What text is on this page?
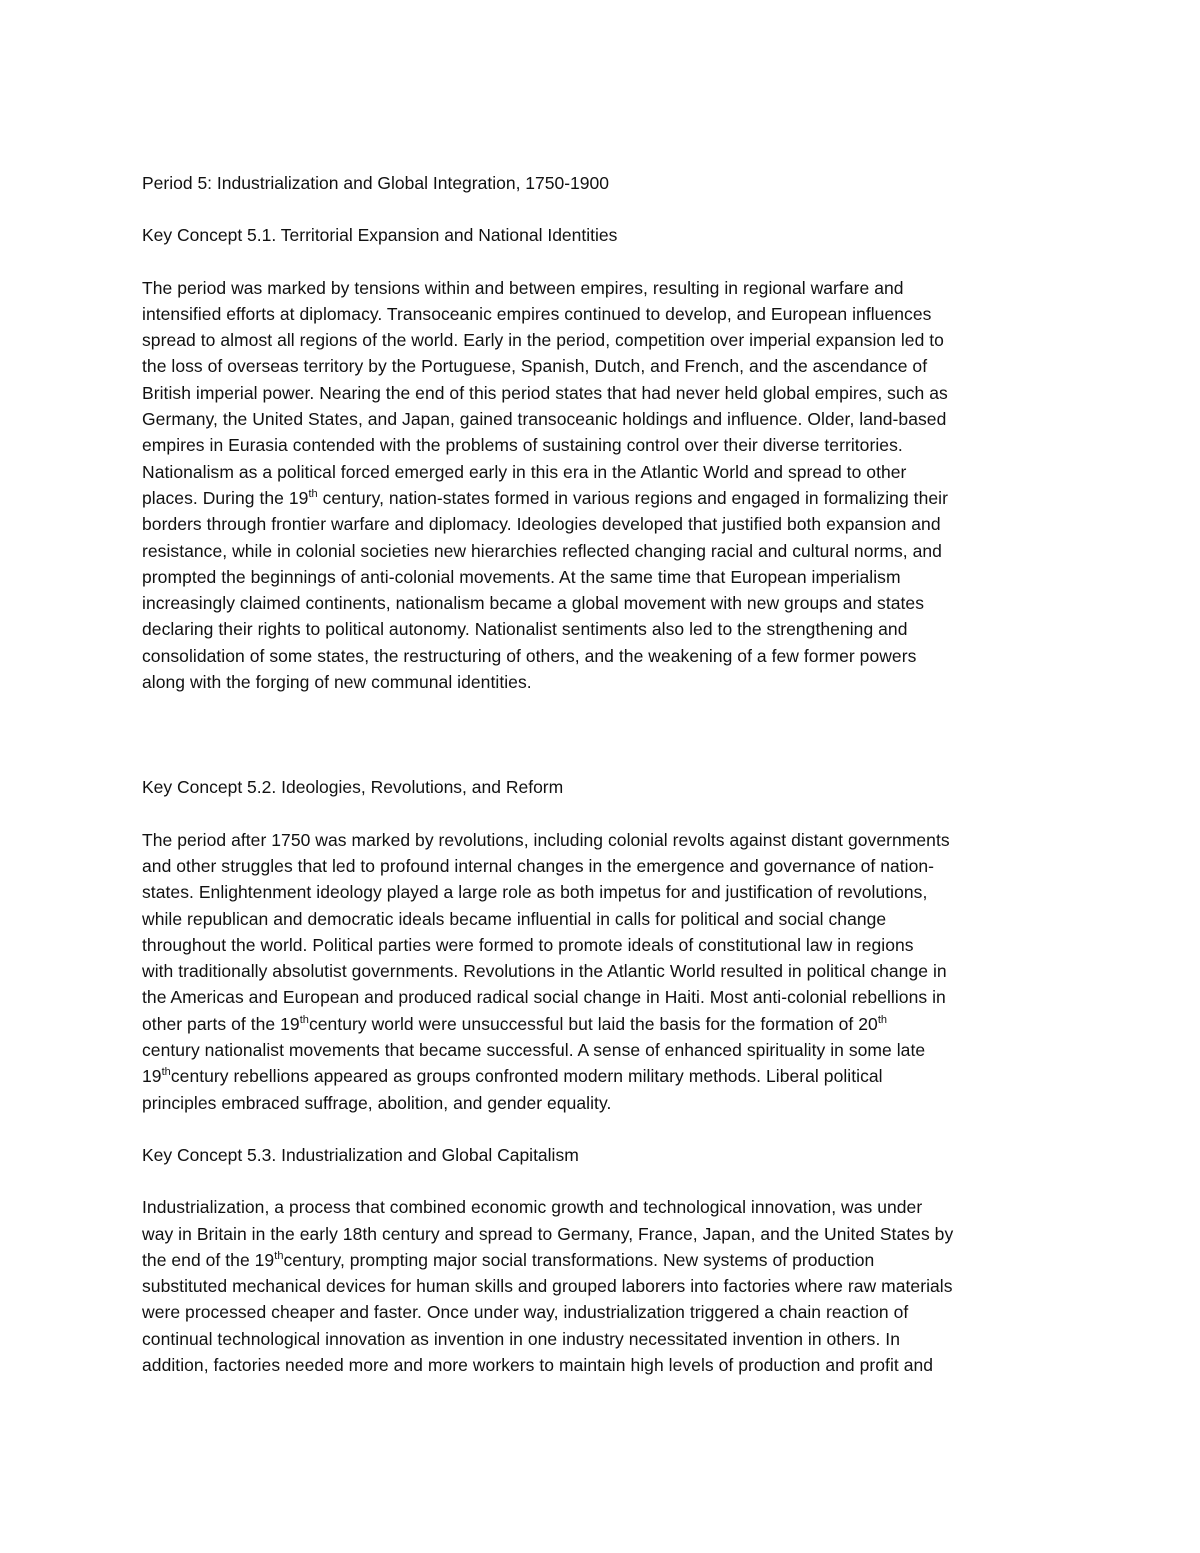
Period 5: Industrialization and Global Integration, 1750-1900
Key Concept 5.1. Territorial Expansion and National Identities
The period was marked by tensions within and between empires, resulting in regional warfare and
intensified efforts at diplomacy. Transoceanic empires continued to develop, and European influences
spread to almost all regions of the world. Early in the period, competition over imperial expansion led to
the loss of overseas territory by the Portuguese, Spanish, Dutch, and French, and the ascendance of
British imperial power. Nearing the end of this period states that had never held global empires, such as
Germany, the United States, and Japan, gained transoceanic holdings and influence. Older, land-based
empires in Eurasia contended with the problems of sustaining control over their diverse territories.
Nationalism as a political forced emerged early in this era in the Atlantic World and spread to other
places. During the 19th century, nation-states formed in various regions and engaged in formalizing their
borders through frontier warfare and diplomacy. Ideologies developed that justified both expansion and
resistance, while in colonial societies new hierarchies reflected changing racial and cultural norms, and
prompted the beginnings of anti-colonial movements. At the same time that European imperialism
increasingly claimed continents, nationalism became a global movement with new groups and states
declaring their rights to political autonomy. Nationalist sentiments also led to the strengthening and
consolidation of some states, the restructuring of others, and the weakening of a few former powers
along with the forging of new communal identities.
Key Concept 5.2. Ideologies, Revolutions, and Reform
The period after 1750 was marked by revolutions, including colonial revolts against distant governments
and other struggles that led to profound internal changes in the emergence and governance of nation-
states. Enlightenment ideology played a large role as both impetus for and justification of revolutions,
while republican and democratic ideals became influential in calls for political and social change
throughout the world. Political parties were formed to promote ideals of constitutional law in regions
with traditionally absolutist governments. Revolutions in the Atlantic World resulted in political change in
the Americas and European and produced radical social change in Haiti. Most anti-colonial rebellions in
other parts of the 19thcentury world were unsuccessful but laid the basis for the formation of 20th
century nationalist movements that became successful. A sense of enhanced spirituality in some late
19thcentury rebellions appeared as groups confronted modern military methods. Liberal political
principles embraced suffrage, abolition, and gender equality.
Key Concept 5.3. Industrialization and Global Capitalism
Industrialization, a process that combined economic growth and technological innovation, was under
way in Britain in the early 18th century and spread to Germany, France, Japan, and the United States by
the end of the 19thcentury, prompting major social transformations. New systems of production
substituted mechanical devices for human skills and grouped laborers into factories where raw materials
were processed cheaper and faster. Once under way, industrialization triggered a chain reaction of
continual technological innovation as invention in one industry necessitated invention in others. In
addition, factories needed more and more workers to maintain high levels of production and profit and
